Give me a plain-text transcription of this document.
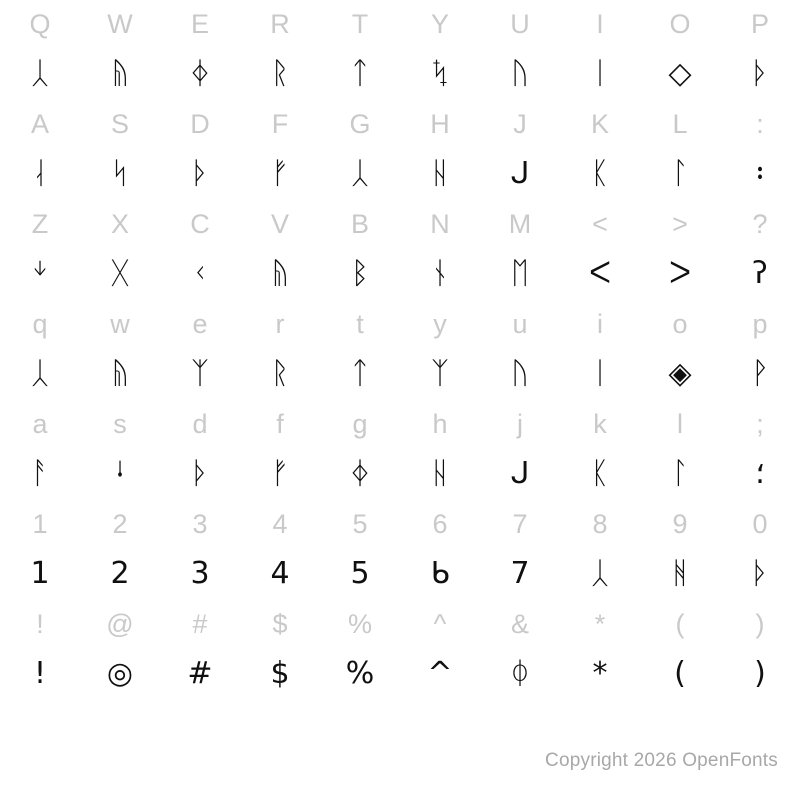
Q	W	E	R	T	Y	U	I	O	P
ᛸ	ᚥ	ᛄ	ᚱ	ᛏ	ᛪ	ᚢ	ᛁ	◇	ᚦ
A	S	D	F	G	H	J	K	L	:
ᛆ	ᛋ	ᚦ	ᚠ	ᛸ	ᚺ	ᒍ	ᛕ	ᛚ	᛬
Z	X	C	V	B	N	M	<	>	?
ᛎ	ᚷ	ᚲ	ᚥ	ᛒ	ᚾ	ᛖ	ᐸ	ᐳ	ʔ
q	w	e	r	t	y	u	i	o	p
ᛸ	ᚥ	ᛉ	ᚱ	ᛏ	ᛉ	ᚢ	ᛁ	◈	ᚹ
a	s	d	f	g	h	j	k	l	;
ᚨ	ᛍ	ᚦ	ᚠ	ᛄ	ᚺ	ᒍ	ᛕ	ᛚ	؛
1	2	3	4	5	6	7	8	9	0
1	2	3	4	5	ᑲ	7	ᛸ	ᚻ	ᚦ
!	@	#	$	%	^	&	*	(	)
!	◎	#	$	%	^	ᛰ	*	(	)
Copyright 2026 OpenFonts
